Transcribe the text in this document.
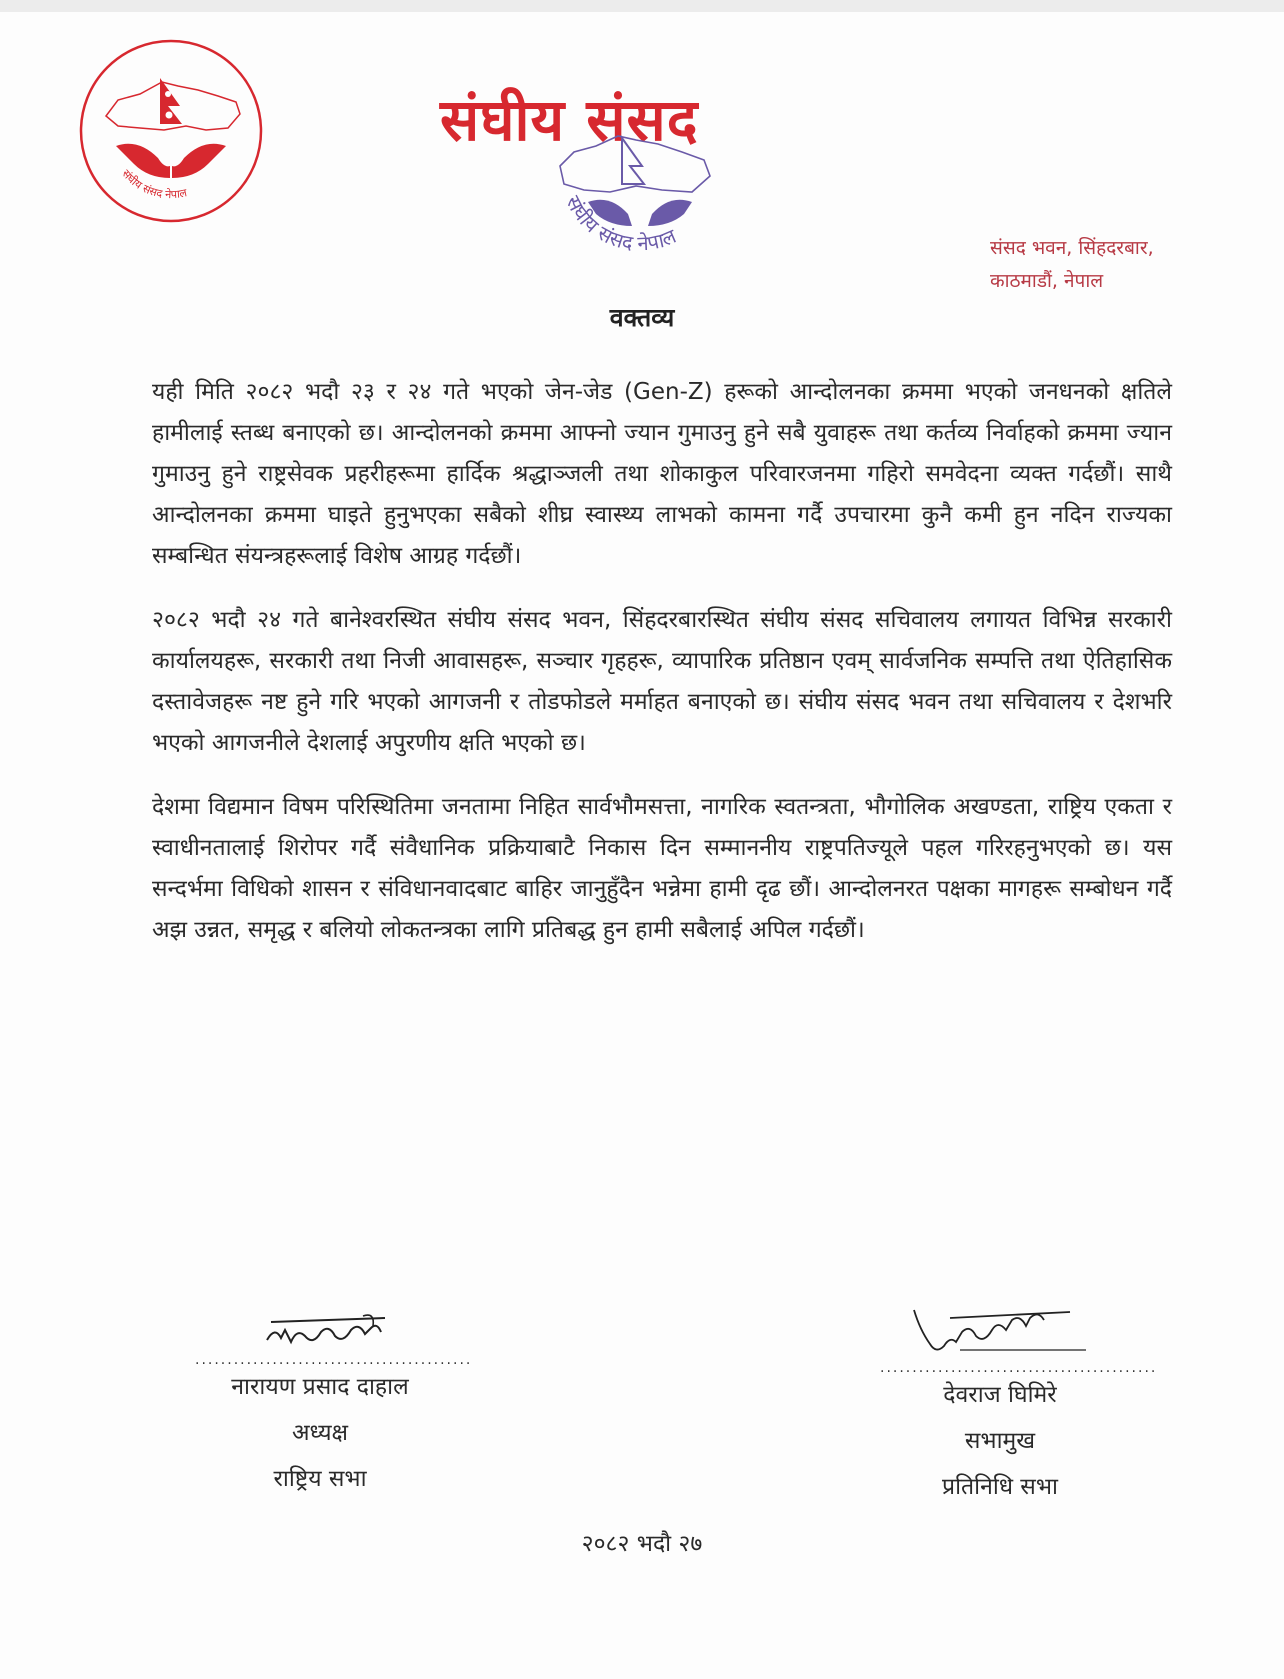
संघीय संसद नेपाल
संघीय संसद
संघीय संसद नेपाल	संसद भवन, सिंहदरबार,
काठमाडौं, नेपाल
वक्तव्य

यही मिति २०८२ भदौ २३ र २४ गते भएको जेन-जेड (Gen-Z) हरूको आन्दोलनका क्रममा भएको जनधनको क्षतिले हामीलाई स्तब्ध बनाएको छ। आन्दोलनको क्रममा आफ्नो ज्यान गुमाउनु हुने सबै युवाहरू तथा कर्तव्य निर्वाहको क्रममा ज्यान गुमाउनु हुने राष्ट्रसेवक प्रहरीहरूमा हार्दिक श्रद्धाञ्जली तथा शोकाकुल परिवारजनमा गहिरो समवेदना व्यक्त गर्दछौं। साथै आन्दोलनका क्रममा घाइते हुनुभएका सबैको शीघ्र स्वास्थ्य लाभको कामना गर्दै उपचारमा कुनै कमी हुन नदिन राज्यका सम्बन्धित संयन्त्रहरूलाई विशेष आग्रह गर्दछौं।

२०८२ भदौ २४ गते बानेश्वरस्थित संघीय संसद भवन, सिंहदरबारस्थित संघीय संसद सचिवालय लगायत विभिन्न सरकारी कार्यालयहरू, सरकारी तथा निजी आवासहरू, सञ्चार गृहहरू, व्यापारिक प्रतिष्ठान एवम् सार्वजनिक सम्पत्ति तथा ऐतिहासिक दस्तावेजहरू नष्ट हुने गरि भएको आगजनी र तोडफोडले मर्माहत बनाएको छ। संघीय संसद भवन तथा सचिवालय र देशभरि भएको आगजनीले देशलाई अपुरणीय क्षति भएको छ।

देशमा विद्यमान विषम परिस्थितिमा जनतामा निहित सार्वभौमसत्ता, नागरिक स्वतन्त्रता, भौगोलिक अखण्डता, राष्ट्रिय एकता र स्वाधीनतालाई शिरोपर गर्दै संवैधानिक प्रक्रियाबाटै निकास दिन सम्माननीय राष्ट्रपतिज्यूले पहल गरिरहनुभएको छ। यस सन्दर्भमा विधिको शासन र संविधानवादबाट बाहिर जानुहुँदैन भन्नेमा हामी दृढ छौं। आन्दोलनरत पक्षका मागहरू सम्बोधन गर्दै अझ उन्नत, समृद्ध र बलियो लोकतन्त्रका लागि प्रतिबद्ध हुन हामी सबैलाई अपिल गर्दछौं।

...........................................
नारायण प्रसाद दाहाल
अध्यक्ष
राष्ट्रिय सभा
...........................................
देवराज घिमिरे
सभामुख
प्रतिनिधि सभा
२०८२ भदौ २७
